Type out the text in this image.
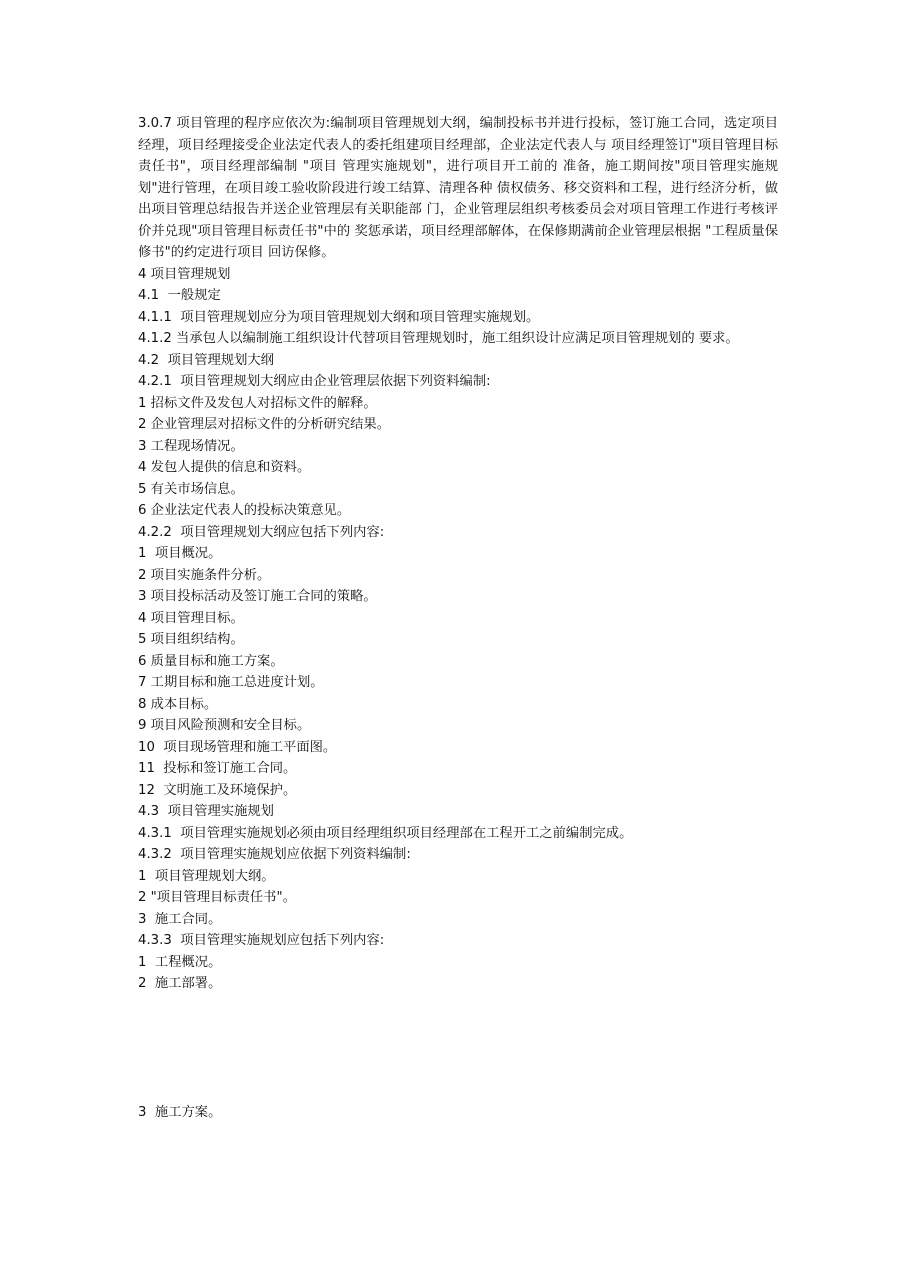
3.0.7 项目管理的程序应依次为:编制项目管理规划大纲，编制投标书并进行投标，签订施工合同，选定项目经理，项目经理接受企业法定代表人的委托组建项目经理部，企业法定代表人与 项目经理签订"项目管理目标责任书"，项目经理部编制 "项目 管理实施规划"，进行项目开工前的 准备，施工期间按"项目管理实施规划"进行管理，在项目竣工验收阶段进行竣工结算、清理各种 债权债务、移交资料和工程，进行经济分析，做出项目管理总结报告并送企业管理层有关职能部 门，企业管理层组织考核委员会对项目管理工作进行考核评价并兑现"项目管理目标责任书"中的 奖惩承诺，项目经理部解体，在保修期满前企业管理层根据 "工程质量保修书"的约定进行项目 回访保修。

4 项目管理规划

4.1  一般规定

4.1.1  项目管理规划应分为项目管理规划大纲和项目管理实施规划。

4.1.2 当承包人以编制施工组织设计代替项目管理规划时，施工组织设计应满足项目管理规划的 要求。

4.2  项目管理规划大纲

4.2.1  项目管理规划大纲应由企业管理层依据下列资料编制:

1 招标文件及发包人对招标文件的解释。

2 企业管理层对招标文件的分析研究结果。

3 工程现场情况。

4 发包人提供的信息和资料。

5 有关市场信息。

6 企业法定代表人的投标决策意见。

4.2.2  项目管理规划大纲应包括下列内容:

1  项目概况。

2 项目实施条件分析。

3 项目投标活动及签订施工合同的策略。

4 项目管理目标。

5 项目组织结构。

6 质量目标和施工方案。

7 工期目标和施工总进度计划。

8 成本目标。

9 项目风险预测和安全目标。

10  项目现场管理和施工平面图。

11  投标和签订施工合同。

12  文明施工及环境保护。

4.3  项目管理实施规划

4.3.1  项目管理实施规划必须由项目经理组织项目经理部在工程开工之前编制完成。

4.3.2  项目管理实施规划应依据下列资料编制:

1  项目管理规划大纲。

2 "项目管理目标责任书"。

3  施工合同。

4.3.3  项目管理实施规划应包括下列内容:

1  工程概况。

2  施工部署。

3  施工方案。
